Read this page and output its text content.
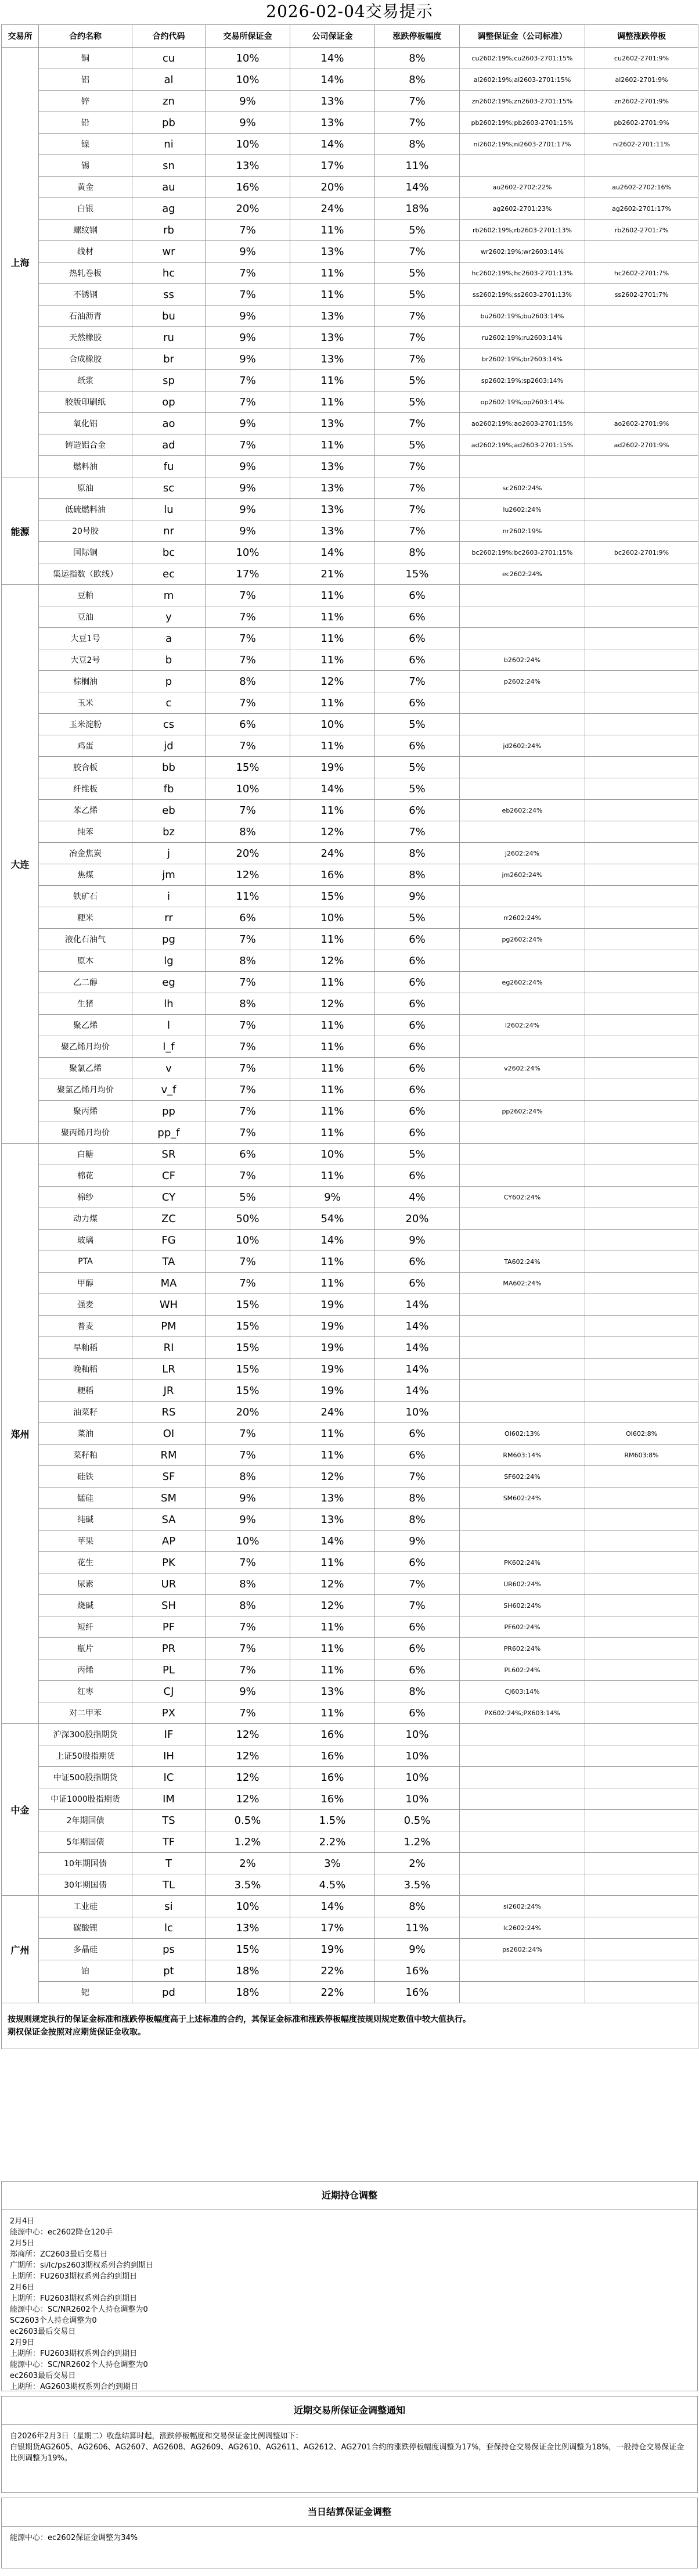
2026-02-04交易提示
交易所	合约名称	合约代码	交易所保证金	公司保证金	涨跌停板幅度	调整保证金（公司标准）	调整涨跌停板
上海	铜	cu	10%	14%	8%	cu2602:19%;cu2603-2701:15%	cu2602-2701:9%
	铝	al	10%	14%	8%	al2602:19%;al2603-2701:15%	al2602-2701:9%
	锌	zn	9%	13%	7%	zn2602:19%;zn2603-2701:15%	zn2602-2701:9%
	铅	pb	9%	13%	7%	pb2602:19%;pb2603-2701:15%	pb2602-2701:9%
	镍	ni	10%	14%	8%	ni2602:19%;ni2603-2701:17%	ni2602-2701:11%
	锡	sn	13%	17%	11%		
	黄金	au	16%	20%	14%	au2602-2702:22%	au2602-2702:16%
	白银	ag	20%	24%	18%	ag2602-2701:23%	ag2602-2701:17%
	螺纹钢	rb	7%	11%	5%	rb2602:19%;rb2603-2701:13%	rb2602-2701:7%
	线材	wr	9%	13%	7%	wr2602:19%;wr2603:14%	
	热轧卷板	hc	7%	11%	5%	hc2602:19%;hc2603-2701:13%	hc2602-2701:7%
	不锈钢	ss	7%	11%	5%	ss2602:19%;ss2603-2701:13%	ss2602-2701:7%
	石油沥青	bu	9%	13%	7%	bu2602:19%;bu2603:14%	
	天然橡胶	ru	9%	13%	7%	ru2602:19%;ru2603:14%	
	合成橡胶	br	9%	13%	7%	br2602:19%;br2603:14%	
	纸浆	sp	7%	11%	5%	sp2602:19%;sp2603:14%	
	胶版印刷纸	op	7%	11%	5%	op2602:19%;op2603:14%	
	氧化铝	ao	9%	13%	7%	ao2602:19%;ao2603-2701:15%	ao2602-2701:9%
	铸造铝合金	ad	7%	11%	5%	ad2602:19%;ad2603-2701:15%	ad2602-2701:9%
	燃料油	fu	9%	13%	7%		
能源	原油	sc	9%	13%	7%	sc2602:24%	
	低硫燃料油	lu	9%	13%	7%	lu2602:24%	
	20号胶	nr	9%	13%	7%	nr2602:19%	
	国际铜	bc	10%	14%	8%	bc2602:19%;bc2603-2701:15%	bc2602-2701:9%
	集运指数（欧线）	ec	17%	21%	15%	ec2602:24%	
大连	豆粕	m	7%	11%	6%		
	豆油	y	7%	11%	6%		
	大豆1号	a	7%	11%	6%		
	大豆2号	b	7%	11%	6%	b2602:24%	
	棕榈油	p	8%	12%	7%	p2602:24%	
	玉米	c	7%	11%	6%		
	玉米淀粉	cs	6%	10%	5%		
	鸡蛋	jd	7%	11%	6%	jd2602:24%	
	胶合板	bb	15%	19%	5%		
	纤维板	fb	10%	14%	5%		
	苯乙烯	eb	7%	11%	6%	eb2602:24%	
	纯苯	bz	8%	12%	7%		
	冶金焦炭	j	20%	24%	8%	j2602:24%	
	焦煤	jm	12%	16%	8%	jm2602:24%	
	铁矿石	i	11%	15%	9%		
	粳米	rr	6%	10%	5%	rr2602:24%	
	液化石油气	pg	7%	11%	6%	pg2602:24%	
	原木	lg	8%	12%	6%		
	乙二醇	eg	7%	11%	6%	eg2602:24%	
	生猪	lh	8%	12%	6%		
	聚乙烯	l	7%	11%	6%	l2602:24%	
	聚乙烯月均价	l_f	7%	11%	6%		
	聚氯乙烯	v	7%	11%	6%	v2602:24%	
	聚氯乙烯月均价	v_f	7%	11%	6%		
	聚丙烯	pp	7%	11%	6%	pp2602:24%	
	聚丙烯月均价	pp_f	7%	11%	6%		
郑州	白糖	SR	6%	10%	5%		
	棉花	CF	7%	11%	6%		
	棉纱	CY	5%	9%	4%	CY602:24%	
	动力煤	ZC	50%	54%	20%		
	玻璃	FG	10%	14%	9%		
	PTA	TA	7%	11%	6%	TA602:24%	
	甲醇	MA	7%	11%	6%	MA602:24%	
	强麦	WH	15%	19%	14%		
	普麦	PM	15%	19%	14%		
	早籼稻	RI	15%	19%	14%		
	晚籼稻	LR	15%	19%	14%		
	粳稻	JR	15%	19%	14%		
	油菜籽	RS	20%	24%	10%		
	菜油	OI	7%	11%	6%	OI602:13%	OI602:8%
	菜籽粕	RM	7%	11%	6%	RM603:14%	RM603:8%
	硅铁	SF	8%	12%	7%	SF602:24%	
	锰硅	SM	9%	13%	8%	SM602:24%	
	纯碱	SA	9%	13%	8%		
	苹果	AP	10%	14%	9%		
	花生	PK	7%	11%	6%	PK602:24%	
	尿素	UR	8%	12%	7%	UR602:24%	
	烧碱	SH	8%	12%	7%	SH602:24%	
	短纤	PF	7%	11%	6%	PF602:24%	
	瓶片	PR	7%	11%	6%	PR602:24%	
	丙烯	PL	7%	11%	6%	PL602:24%	
	红枣	CJ	9%	13%	8%	CJ603:14%	
	对二甲苯	PX	7%	11%	6%	PX602:24%;PX603:14%	
中金	沪深300股指期货	IF	12%	16%	10%		
	上证50股指期货	IH	12%	16%	10%		
	中证500股指期货	IC	12%	16%	10%		
	中证1000股指期货	IM	12%	16%	10%		
	2年期国债	TS	0.5%	1.5%	0.5%		
	5年期国债	TF	1.2%	2.2%	1.2%		
	10年期国债	T	2%	3%	2%		
	30年期国债	TL	3.5%	4.5%	3.5%		
广州	工业硅	si	10%	14%	8%	si2602:24%	
	碳酸锂	lc	13%	17%	11%	lc2602:24%	
	多晶硅	ps	15%	19%	9%	ps2602:24%	
	铂	pt	18%	22%	16%		
	钯	pd	18%	22%	16%		
按规则规定执行的保证金标准和涨跌停板幅度高于上述标准的合约，其保证金标准和涨跌停板幅度按规则规定数值中较大值执行。
期权保证金按照对应期货保证金收取。							
近期持仓调整

2月4日

能源中心：ec2602降仓120手

2月5日

郑商所：ZC2603最后交易日

广期所：si/lc/ps2603期权系列合约到期日

上期所：FU2603期权系列合约到期日

2月6日

上期所：FU2603期权系列合约到期日

能源中心：SC/NR2602个人持仓调整为0

SC2603个人持仓调整为0

ec2603最后交易日

2月9日

上期所：FU2603期权系列合约到期日

能源中心：SC/NR2602个人持仓调整为0

ec2603最后交易日

上期所：AG2603期权系列合约到期日

近期交易所保证金调整通知

自2026年2月3日（星期二）收盘结算时起，涨跌停板幅度和交易保证金比例调整如下：

白银期货AG2605、AG2606、AG2607、AG2608、AG2609、AG2610、AG2611、AG2612、AG2701合约的涨跌停板幅度调整为17%，套保持仓交易保证金比例调整为18%，一般持仓交易保证金比例调整为19%。

当日结算保证金调整

能源中心：ec2602保证金调整为34%
